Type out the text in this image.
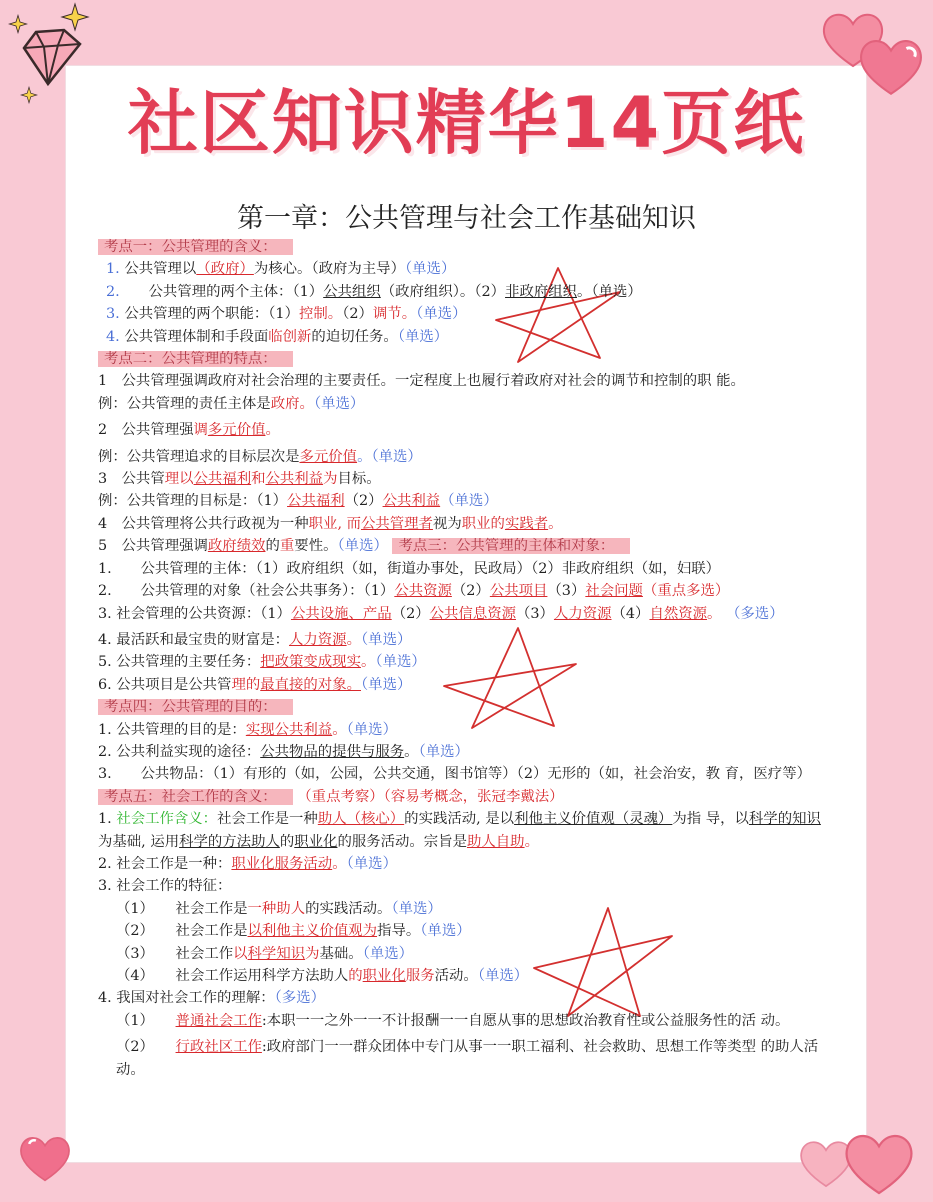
社区知识精华14页纸
第一章：公共管理与社会工作基础知识

考点一：公共管理的含义：

1. 公共管理以（政府）为核心。（政府为主导）（单选）

2.　　 公共管理的两个主体：（1）公共组织（政府组织）。（2）非政府组织。（单选）

3. 公共管理的两个职能：（1）控制。（2）调节。（单选）

4. 公共管理体制和手段面临创新的迫切任务。（单选）

考点二：公共管理的特点：

1　公共管理强调政府对社会治理的主要责任。一定程度上也履行着政府对社会的调节和控制的职 能。

例：公共管理的责任主体是政府。（单选）

2　公共管理强调多元价值。

例：公共管理追求的目标层次是多元价值。（单选）

3　公共管理以公共福利和公共利益为目标。

例：公共管理的目标是：（1）公共福利（2）公共利益（单选）

4　公共管理将公共行政视为一种职业, 而公共管理者视为职业的实践者。

5　公共管理强调政府绩效的重要性。（单选） 考点三：公共管理的主体和对象：

1.　　公共管理的主体：（1）政府组织（如，街道办事处，民政局）（2）非政府组织（如，妇联）

2.　　公共管理的对象（社会公共事务）：（1）公共资源（2）公共项目（3）社会问题（重点多选）

3. 社会管理的公共资源：（1）公共设施、产品（2）公共信息资源（3）人力资源（4）自然资源。 （多选）

4. 最活跃和最宝贵的财富是：人力资源。（单选）

5. 公共管理的主要任务：把政策变成现实。（单选）

6. 公共项目是公共管理的最直接的对象。（单选）

考点四：公共管理的目的：

1. 公共管理的目的是：实现公共利益。（单选）

2. 公共利益实现的途径：公共物品的提供与服务。（单选）

3.　　公共物品：（1）有形的（如，公园，公共交通，图书馆等）（2）无形的（如，社会治安，教 育，医疗等）

考点五：社会工作的含义： （重点考察）（容易考概念，张冠李戴法）

1. 社会工作含义：社会工作是一种助人（核心）的实践活动, 是以利他主义价值观（灵魂）为指 导，以科学的知识为基础, 运用科学的方法助人的职业化的服务活动。宗旨是助人自助。

2. 社会工作是一种：职业化服务活动。（单选）

3. 社会工作的特征：

（1）　　 社会工作是一种助人的实践活动。（单选）

（2）　　 社会工作是以利他主义价值观为指导。（单选）

（3）　　 社会工作以科学知识为基础。（单选）

（4）　　 社会工作运用科学方法助人的职业化服务活动。（单选）

4. 我国对社会工作的理解：（多选）

（1）　　 普通社会工作:本职一一之外一一不计报酬一一自愿从事的思想政治教育性或公益服务性的活 动。

（2）　　 行政社区工作:政府部门一一群众团体中专门从事一一职工福利、社会救助、思想工作等类型 的助人活动。
